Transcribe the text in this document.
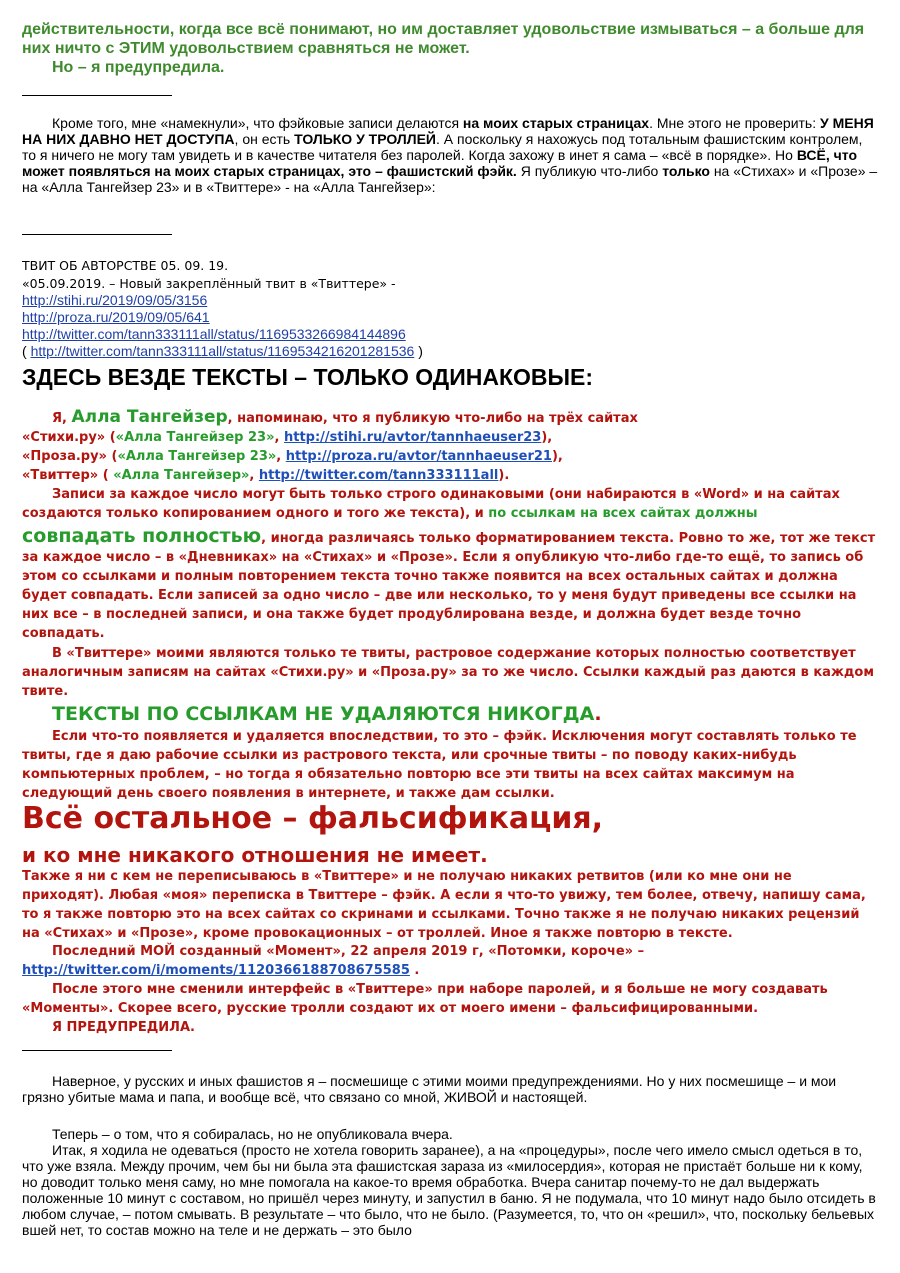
действительности, когда все всё понимают, но им доставляет удовольствие измываться – а больше для них ничто с ЭТИМ удовольствием сравняться не может.
Но – я предупредила.

Кроме того, мне «намекнули», что фэйковые записи делаются на моих старых страницах. Мне этого не проверить: У МЕНЯ НА НИХ ДАВНО НЕТ ДОСТУПА, он есть ТОЛЬКО У ТРОЛЛЕЙ. А поскольку я нахожусь под тотальным фашистским контролем, то я ничего не могу там увидеть и в качестве читателя без паролей. Когда захожу в инет я сама – «всё в порядке». Но ВСЁ, что может появляться на моих старых страницах, это – фашистский фэйк. Я публикую что-либо только на «Стихах» и «Прозе» – на «Алла Тангейзер 23» и в «Твиттере» - на «Алла Тангейзер»:

ТВИТ ОБ АВТОРСТВЕ 05. 09. 19.
«05.09.2019. – Новый закреплённый твит в «Твиттере» -
http://stihi.ru/2019/09/05/3156
http://proza.ru/2019/09/05/641
http://twitter.com/tann333111all/status/1169533266984144896
( http://twitter.com/tann333111all/status/1169534216201281536 )
ЗДЕСЬ ВЕЗДЕ ТЕКСТЫ – ТОЛЬКО ОДИНАКОВЫЕ:
Я, Алла Тангейзер, напоминаю, что я публикую что-либо на трёх сайтах
«Стихи.ру» («Алла Тангейзер 23», http://stihi.ru/avtor/tannhaeuser23),
«Проза.ру» («Алла Тангейзер 23», http://proza.ru/avtor/tannhaeuser21),
«Твиттер» ( «Алла Тангейзер», http://twitter.com/tann333111all).
Записи за каждое число могут быть только строго одинаковыми (они набираются в «Word» и на сайтах создаются только копированием одного и того же текста), и по ссылкам на всех сайтах должны
совпадать полностью, иногда различаясь только форматированием текста. Ровно то же, тот же текст за каждое число – в «Дневниках» на «Стихах» и «Прозе». Если я опубликую что-либо где-то ещё, то запись об этом со ссылками и полным повторением текста точно также появится на всех остальных сайтах и должна будет совпадать. Если записей за одно число – две или несколько, то у меня будут приведены все ссылки на них все – в последней записи, и она также будет продублирована везде, и должна будет везде точно совпадать.
В «Твиттере» моими являются только те твиты, растровое содержание которых полностью соответствует аналогичным записям на сайтах «Стихи.ру» и «Проза.ру» за то же число. Ссылки каждый раз даются в каждом твите.
ТЕКСТЫ ПО ССЫЛКАМ НЕ УДАЛЯЮТСЯ НИКОГДА.
Если что-то появляется и удаляется впоследствии, то это – фэйк. Исключения могут составлять только те твиты, где я даю рабочие ссылки из растрового текста, или срочные твиты – по поводу каких-нибудь компьютерных проблем, – но тогда я обязательно повторю все эти твиты на всех сайтах максимум на следующий день своего появления в интернете, и также дам ссылки.
Всё остальное – фальсификация,
и ко мне никакого отношения не имеет.
Также я ни с кем не переписываюсь в «Твиттере» и не получаю никаких ретвитов (или ко мне они не приходят). Любая «моя» переписка в Твиттере – фэйк. А если я что-то увижу, тем более, отвечу, напишу сама, то я также повторю это на всех сайтах со скринами и ссылками. Точно также я не получаю никаких рецензий на «Стихах» и «Прозе», кроме провокационных – от троллей. Иное я также повторю в тексте.
Последний МОЙ созданный «Момент», 22 апреля 2019 г, «Потомки, короче» –
http://twitter.com/i/moments/1120366188708675585 .
После этого мне сменили интерфейс в «Твиттере» при наборе паролей, и я больше не могу создавать «Моменты». Скорее всего, русские тролли создают их от моего имени – фальсифицированными.
Я ПРЕДУПРЕДИЛА.

Наверное, у русских и иных фашистов я – посмешище с этими моими предупреждениями. Но у них посмешище – и мои грязно убитые мама и папа, и вообще всё, что связано со мной, ЖИВОЙ и настоящей.

Теперь – о том, что я собиралась, но не опубликовала вчера.

Итак, я ходила не одеваться (просто не хотела говорить заранее), а на «процедуры», после чего имело смысл одеться в то, что уже взяла. Между прочим, чем бы ни была эта фашистская зараза из «милосердия», которая не пристаёт больше ни к кому, но доводит только меня саму, но мне помогала на какое-то время обработка. Вчера санитар почему-то не дал выдержать положенные 10 минут с составом, но пришёл через минуту, и запустил в баню. Я не подумала, что 10 минут надо было отсидеть в любом случае, – потом смывать. В результате – что было, что не было. (Разумеется, то, что он «решил», что, поскольку бельевых вшей нет, то состав можно на теле и не держать – это было
